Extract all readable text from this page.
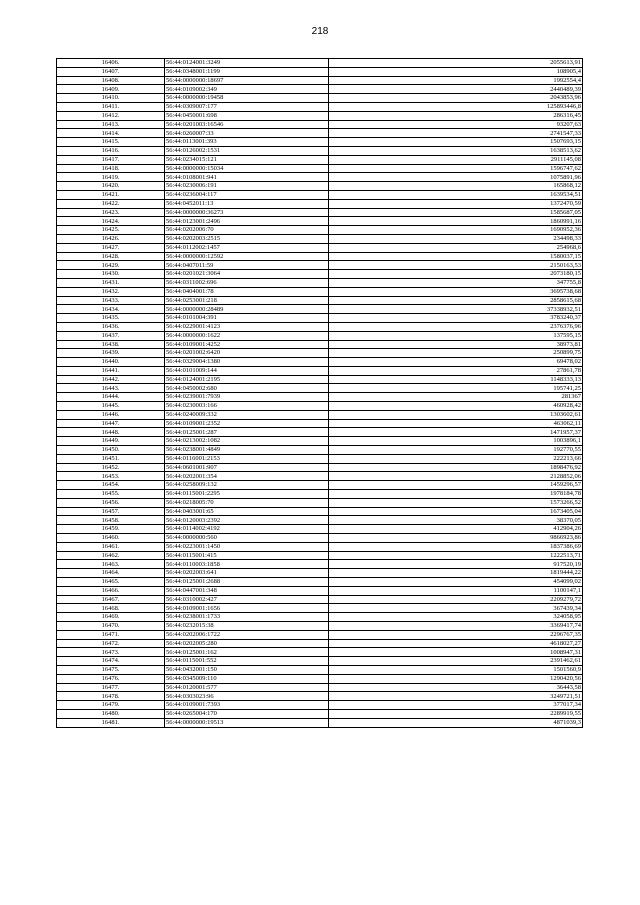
218
16406.	56:44:0124001:3249	2055613,91
16407.	56:44:0348001:1199	108905,4
16408.	56:44:0000000:18697	1992554,4
16409.	56:44:0109002:349	2440489,39
16410.	56:44:0000000:19458	2043853,96
16411.	56:44:0309007:177	125893446,8
16412.	56:44:0450001:698	286316,45
16413.	56:44:0201003:16546	93207,63
16414.	56:44:0260007:33	2741547,33
16415.	56:44:0113001:393	1507693,15
16416.	56:44:0126002:1531	1638513,62
16417.	56:44:0234015:121	2911145,08
16418.	56:44:0000000:15034	1596747,62
16419.	56:44:0108001:941	1075891,96
16420.	56:44:0230006:191	165868,12
16421.	56:44:0236004:117	1639534,51
16422.	56:44:0452011:13	1372470,59
16423.	56:44:0000000:36273	1585687,05
16424.	56:44:0123001:2496	1860991,16
16425.	56:44:0202006:70	1690952,36
16426.	56:44:0202003:2515	234498,33
16427.	56:44:0112002:1457	254968,6
16428.	56:44:0000000:12592	1580037,15
16429.	56:44:0407011:59	2150163,53
16430.	56:44:0201021:3064	2073180,15
16431.	56:44:0311002:696	347755,8
16432.	56:44:0404001:78	3695738,68
16433.	56:44:0253001:218	2858615,68
16434.	56:44:0000000:28489	37338932,51
16435.	56:44:0101004:391	3783240,37
16436.	56:44:0229001:4123	2376376,96
16437.	56:44:0000000:1622	137595,15
16438.	56:44:0109001:4252	38973,81
16439.	56:44:0201002:6420	250899,75
16440.	56:44:0329004:1380	69478,02
16441.	56:44:0101009:144	27861,78
16442.	56:44:0124001:2195	1148333,13
16443.	56:44:0450002:680	195741,25
16444.	56:44:0239001:7939	281367
16445.	56:44:0230003:166	460928,42
16446.	56:44:0240009:332	1303602,61
16447.	56:44:0109001:2352	463062,11
16448.	56:44:0125001:287	1471957,37
16449.	56:44:0213002:1082	1003896,1
16450.	56:44:0238001:4849	192770,55
16451.	56:44:0116001:2153	222213,66
16452.	56:44:0601001:907	1898476,92
16453.	56:44:0202001:354	2128852,06
16454.	56:44:0258009:132	1459296,57
16455.	56:44:0115001:2295	1978184,78
16456.	56:44:0218005:70	1573266,52
16457.	56:44:0403001:65	1673405,04
16458.	56:44:0120003:2392	38370,05
16459.	56:44:0114002:4192	412904,26
16460.	56:44:0000000:560	9866923,86
16461.	56:44:0223001:1450	1837386,69
16462.	56:44:0115001:415	1222513,71
16463.	56:44:0110003:1858	917520,19
16464.	56:44:0202003:641	1819444,22
16465.	56:44:0125001:2688	454099,02
16466.	56:44:0447001:348	1100147,1
16467.	56:44:0310002:427	2209279,72
16468.	56:44:0109001:1656	367439,34
16469.	56:44:0238001:1733	324058,95
16470.	56:44:0232015:38	3369417,74
16471.	56:44:0202006:1722	2296767,35
16472.	56:44:0202005:280	4618027,27
16473.	56:44:0125001:162	1008947,31
16474.	56:44:0115001:552	2391462,61
16475.	56:44:0432001:150	1501560,9
16476.	56:44:0345009:110	1290420,56
16477.	56:44:0120001:577	36443,58
16478.	56:44:0303023:96	3249721,51
16479.	56:44:0109001:7393	377017,34
16480.	56:44:0265004:170	2289919,55
16481.	56:44:0000000:19513	4871039,3
